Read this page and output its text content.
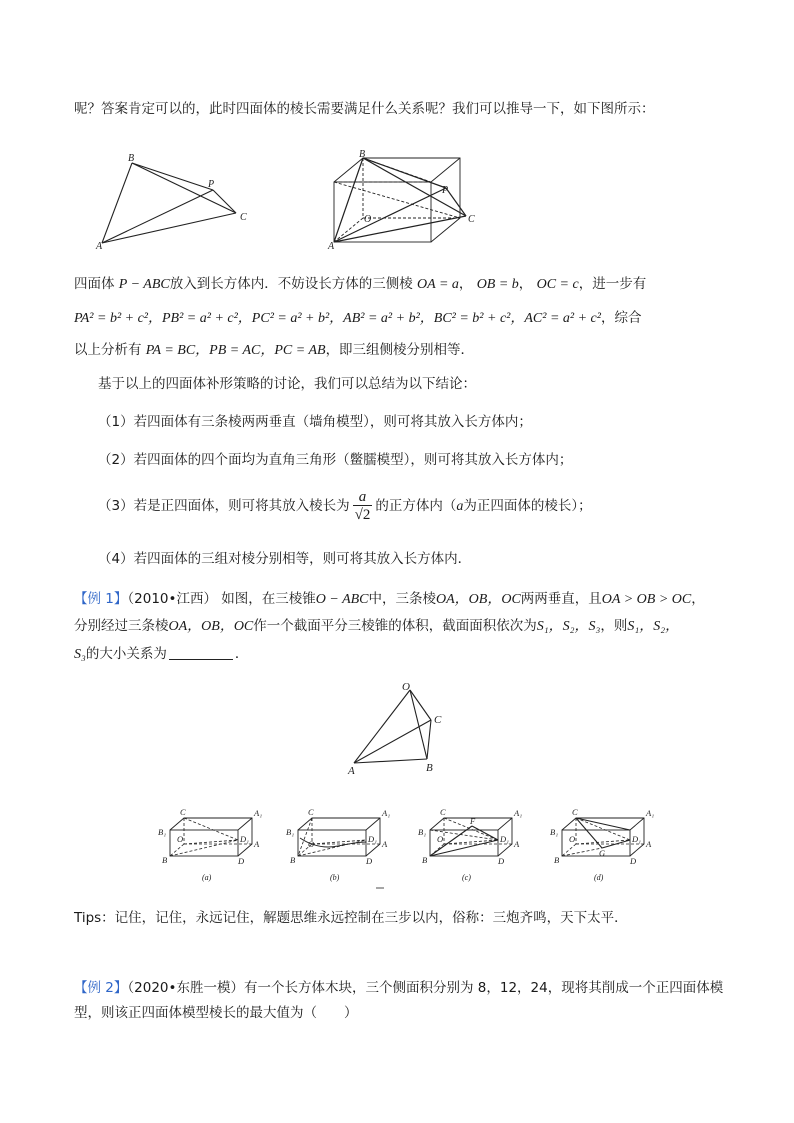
呢？答案肯定可以的，此时四面体的棱长需要满足什么关系呢？我们可以推导一下，如下图所示：
B
P
C
A
B
P
O	C
A
四面体 P − ABC放入到长方体内．不妨设长方体的三侧棱 OA = a， OB = b， OC = c，进一步有
PA² = b² + c²，PB² = a² + c²，PC² = a² + b²，AB² = a² + b²，BC² = b² + c²，AC² = a² + c²，综合
以上分析有 PA = BC，PB = AC，PC = AB，即三组侧棱分别相等．
基于以上的四面体补形策略的讨论，我们可以总结为以下结论：
（1）若四面体有三条棱两两垂直（墙角模型），则可将其放入长方体内；
（2）若四面体的四个面均为直角三角形（鳖臑模型），则可将其放入长方体内；
（3）若是正四面体，则可将其放入棱长为 $\frac{a}{√2}$ 的正方体内（a为正四面体的棱长）；
（4）若四面体的三组对棱分别相等，则可将其放入长方体内．
【例 1】（2010•江西） 如图，在三棱锥O − ABC中，三条棱OA，OB，OC两两垂直，且OA > OB > OC，
分别经过三条棱OA，OB，OC作一个截面平分三棱锥的体积，截面面积依次为S₁，S₂，S₃，则S₁，S₂，
S₃的大小关系为	．
O
C
A	B
C	A₁
B₁
O	D₁ A
B	D
(a)
C	A₁
B₁
O	D₁ A
B	D
(b)
C	A₁
B₁
O
F
D₁ A
B	D
(c)
C	A₁
B₁
O	D₁ A
G
B	D
(d)
Tips：记住，记住，永远记住，解题思维永远控制在三步以内，俗称：三炮齐鸣，天下太平．
【例 2】（2020•东胜一模）有一个长方体木块，三个侧面积分别为 8，12，24，现将其削成一个正四面体模
型，则该正四面体模型棱长的最大值为（　　）
